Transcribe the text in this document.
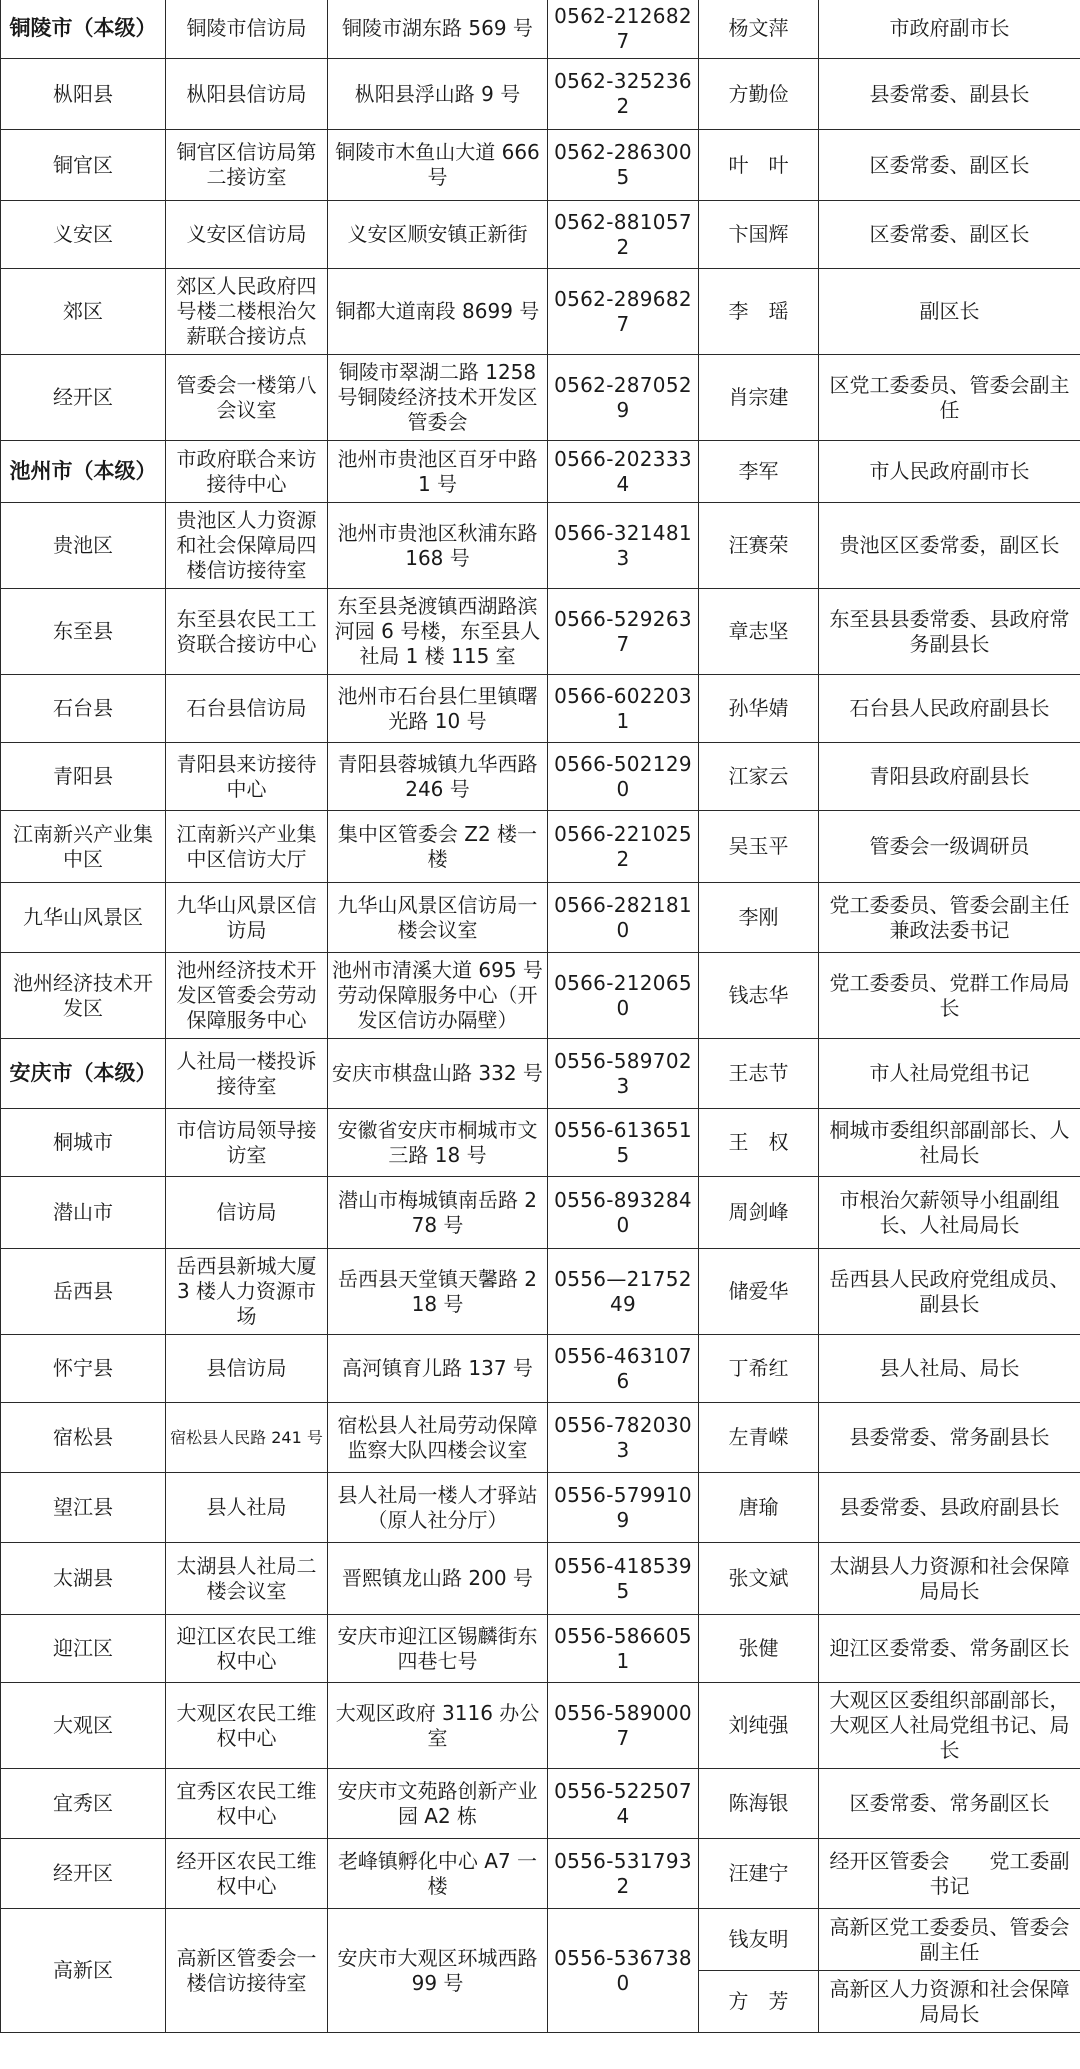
铜陵市（本级）	铜陵市信访局	铜陵市湖东路 569 号	0562-2126827	杨文萍	市政府副市长
枞阳县	枞阳县信访局	枞阳县浮山路 9 号	0562-3252362	方勤俭	县委常委、副县长
铜官区	铜官区信访局第二接访室	铜陵市木鱼山大道 666 号	0562-2863005	叶　叶	区委常委、副区长
义安区	义安区信访局	义安区顺安镇正新街	0562-8810572	卞国辉	区委常委、副区长
郊区	郊区人民政府四号楼二楼根治欠薪联合接访点	铜都大道南段 8699 号	0562-2896827	李　瑶	副区长
经开区	管委会一楼第八会议室	铜陵市翠湖二路 1258 号铜陵经济技术开发区管委会	0562-2870529	肖宗建	区党工委委员、管委会副主任
池州市（本级）	市政府联合来访接待中心	池州市贵池区百牙中路 1 号	0566-2023334	李军	市人民政府副市长
贵池区	贵池区人力资源和社会保障局四楼信访接待室	池州市贵池区秋浦东路 168 号	0566-3214813	汪赛荣	贵池区区委常委，副区长
东至县	东至县农民工工资联合接访中心	东至县尧渡镇西湖路滨河园 6 号楼，东至县人社局 1 楼 115 室	0566-5292637	章志坚	东至县县委常委、县政府常务副县长
石台县	石台县信访局	池州市石台县仁里镇曙光路 10 号	0566-6022031	孙华婧	石台县人民政府副县长
青阳县	青阳县来访接待中心	青阳县蓉城镇九华西路 246 号	0566-5021290	江家云	青阳县政府副县长
江南新兴产业集中区	江南新兴产业集中区信访大厅	集中区管委会 Z2 楼一楼	0566-2210252	吴玉平	管委会一级调研员
九华山风景区	九华山风景区信访局	九华山风景区信访局一楼会议室	0566-2821810	李刚	党工委委员、管委会副主任兼政法委书记
池州经济技术开发区	池州经济技术开发区管委会劳动保障服务中心	池州市清溪大道 695 号劳动保障服务中心（开发区信访办隔壁）	0566-2120650	钱志华	党工委委员、党群工作局局长
安庆市（本级）	人社局一楼投诉接待室	安庆市棋盘山路 332 号	0556-5897023	王志节	市人社局党组书记
桐城市	市信访局领导接访室	安徽省安庆市桐城市文三路 18 号	0556-6136515	王　权	桐城市委组织部副部长、人社局长
潜山市	信访局	潜山市梅城镇南岳路 278 号	0556-8932840	周剑峰	市根治欠薪领导小组副组长、人社局局长
岳西县	岳西县新城大厦 3 楼人力资源市场	岳西县天堂镇天馨路 218 号	0556—2175249	储爱华	岳西县人民政府党组成员、副县长
怀宁县	县信访局	高河镇育儿路 137 号	0556-4631076	丁希红	县人社局、局长
宿松县	宿松县人民路 241 号	宿松县人社局劳动保障监察大队四楼会议室	0556-7820303	左青嵘	县委常委、常务副县长
望江县	县人社局	县人社局一楼人才驿站（原人社分厅）	0556-5799109	唐瑜	县委常委、县政府副县长
太湖县	太湖县人社局二楼会议室	晋熙镇龙山路 200 号	0556-4185395	张文斌	太湖县人力资源和社会保障局局长
迎江区	迎江区农民工维权中心	安庆市迎江区锡麟街东四巷七号	0556-5866051	张健	迎江区委常委、常务副区长
大观区	大观区农民工维权中心	大观区政府 3116 办公室	0556-5890007	刘纯强	大观区区委组织部副部长，大观区人社局党组书记、局长
宜秀区	宜秀区农民工维权中心	安庆市文苑路创新产业园 A2 栋	0556-5225074	陈海银	区委常委、常务副区长
经开区	经开区农民工维权中心	老峰镇孵化中心 A7 一楼	0556-5317932	汪建宁	经开区管委会　　党工委副书记
高新区	高新区管委会一楼信访接待室	安庆市大观区环城西路 99 号	0556-5367380	钱友明	高新区党工委委员、管委会副主任
				方　芳	高新区人力资源和社会保障局局长
